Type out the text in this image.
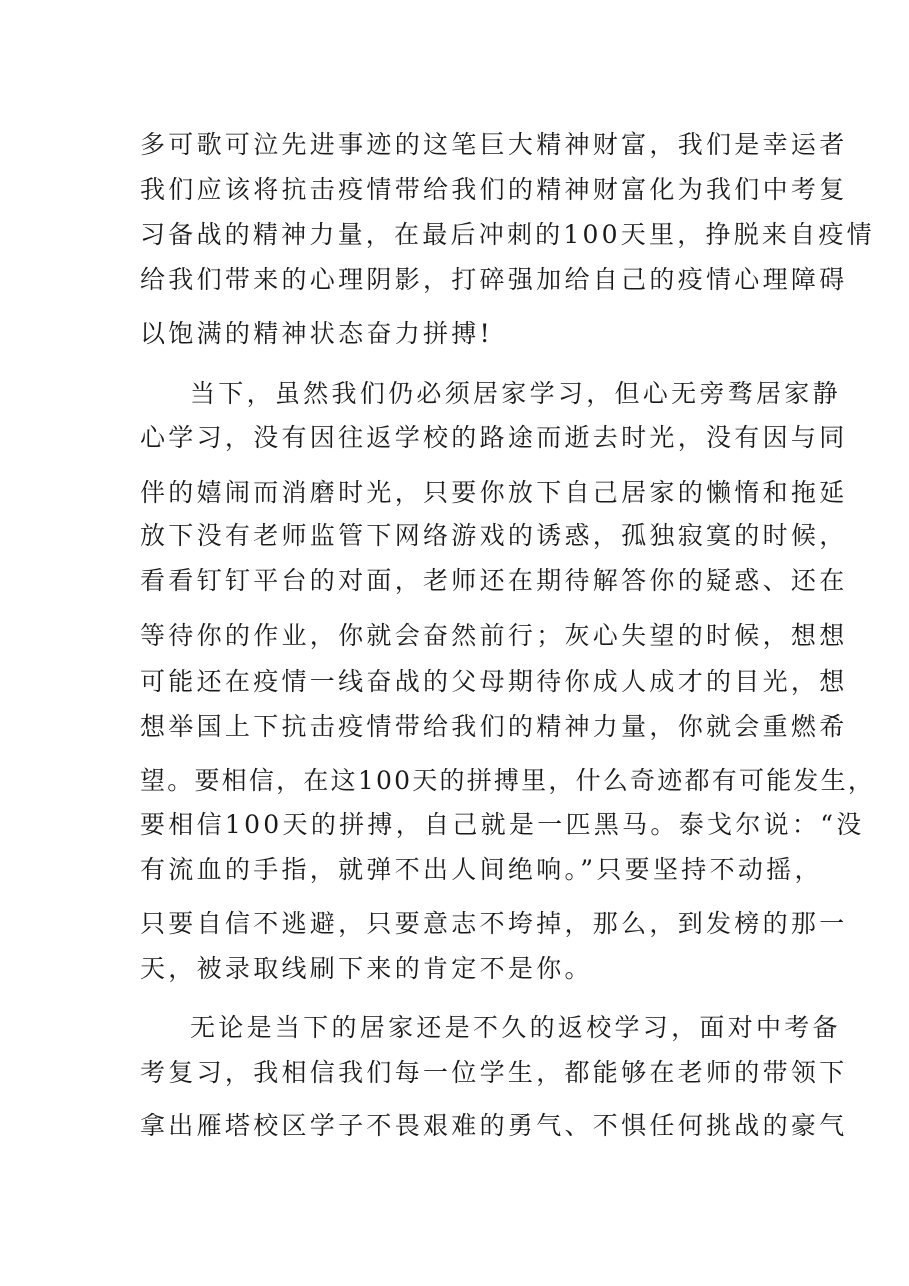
多可歌可泣先进事迹的这笔巨大精神财富，我们是幸运者
我们应该将抗击疫情带给我们的精神财富化为我们中考复
习备战的精神力量，在最后冲刺的100天里，挣脱来自疫情
给我们带来的心理阴影，打碎强加给自己的疫情心理障碍
以饱满的精神状态奋力拼搏!
当下，虽然我们仍必须居家学习，但心无旁骛居家静
心学习，没有因往返学校的路途而逝去时光，没有因与同
伴的嬉闹而消磨时光，只要你放下自己居家的懒惰和拖延
放下没有老师监管下网络游戏的诱惑，孤独寂寞的时候，
看看钉钉平台的对面，老师还在期待解答你的疑惑、还在
等待你的作业，你就会奋然前行；灰心失望的时候，想想
可能还在疫情一线奋战的父母期待你成人成才的目光，想
想举国上下抗击疫情带给我们的精神力量，你就会重燃希
望。要相信，在这100天的拼搏里，什么奇迹都有可能发生，
要相信100天的拼搏，自己就是一匹黑马。泰戈尔说：“没
有流血的手指，就弹不出人间绝响。”只要坚持不动摇，
只要自信不逃避，只要意志不垮掉，那么，到发榜的那一
天，被录取线刷下来的肯定不是你。
无论是当下的居家还是不久的返校学习，面对中考备
考复习，我相信我们每一位学生，都能够在老师的带领下
拿出雁塔校区学子不畏艰难的勇气、不惧任何挑战的豪气
